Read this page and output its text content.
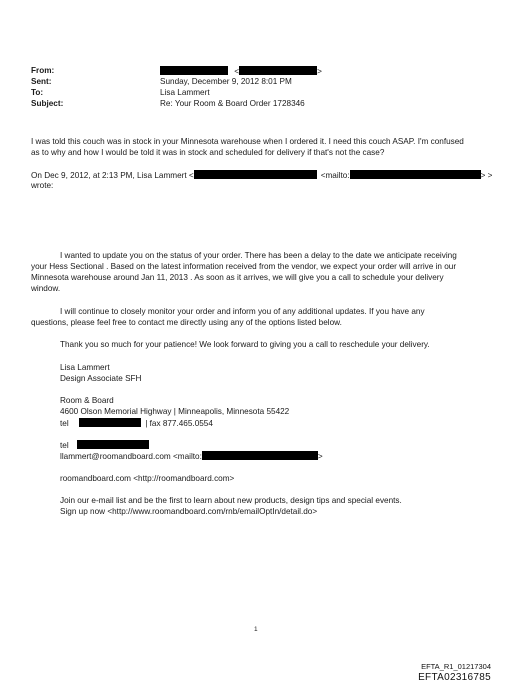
From:	<	>
Sent:	Sunday, December 9, 2012 8:01 PM
To:	Lisa Lammert
Subject:	Re: Your Room & Board Order 1728346
I was told this couch was in stock in your Minnesota warehouse when I ordered it. I need this couch ASAP. I'm confused
as to why and how I would be told it was in stock and scheduled for delivery if that's not the case?
On Dec 9, 2012, at 2:13 PM, Lisa Lammert <	<mailto:	> >
wrote:
I wanted to update you on the status of your order. There has been a delay to the date we anticipate receiving
your Hess Sectional . Based on the latest information received from the vendor, we expect your order will arrive in our
Minnesota warehouse around Jan 11, 2013 . As soon as it arrives, we will give you a call to schedule your delivery
window.
I will continue to closely monitor your order and inform you of any additional updates. If you have any
questions, please feel free to contact me directly using any of the options listed below.
Thank you so much for your patience! We look forward to giving you a call to reschedule your delivery.
Lisa Lammert
Design Associate SFH
Room & Board
4600 Olson Memorial Highway | Minneapolis, Minnesota 55422
tel	| fax 877.465.0554
tel
llammert@roomandboard.com <mailto:	>
roomandboard.com <http://roomandboard.com>
Join our e-mail list and be the first to learn about new products, design tips and special events.
Sign up now <http://www.roomandboard.com/rnb/emailOptIn/detail.do>
1
EFTA_R1_01217304
EFTA02316785
